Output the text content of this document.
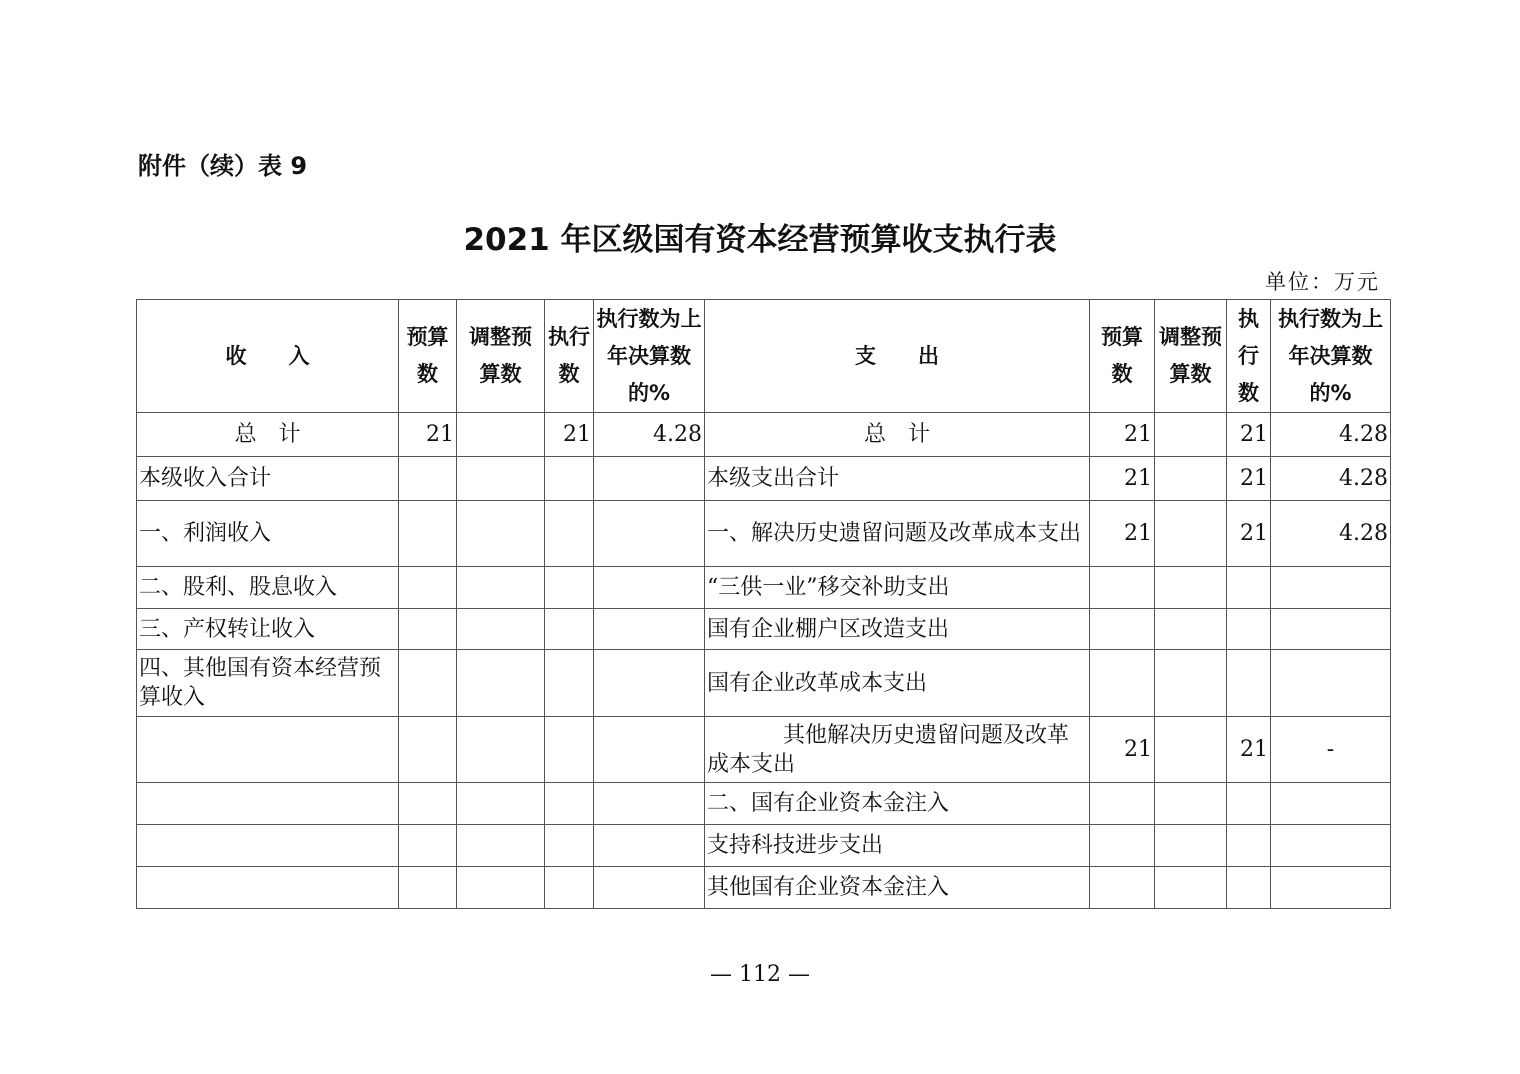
附件（续）表 9
2021 年区级国有资本经营预算收支执行表
单位：万元
收　　入	预算数	调整预算数	执行数	执行数为上年决算数的%	支　　出	预算数	调整预算数	执行数	执行数为上年决算数的%
总　计	21		21	4.28	总　计	21		21	4.28
本级收入合计					本级支出合计	21		21	4.28
一、利润收入					一、解决历史遗留问题及改革成本支出	21		21	4.28
二、股利、股息收入					“三供一业”移交补助支出				
三、产权转让收入					国有企业棚户区改造支出				
四、其他国有资本经营预算收入					国有企业改革成本支出				
					其他解决历史遗留问题及改革成本支出	21		21	-
					二、国有企业资本金注入				
					支持科技进步支出				
					其他国有企业资本金注入				
— 112 —
